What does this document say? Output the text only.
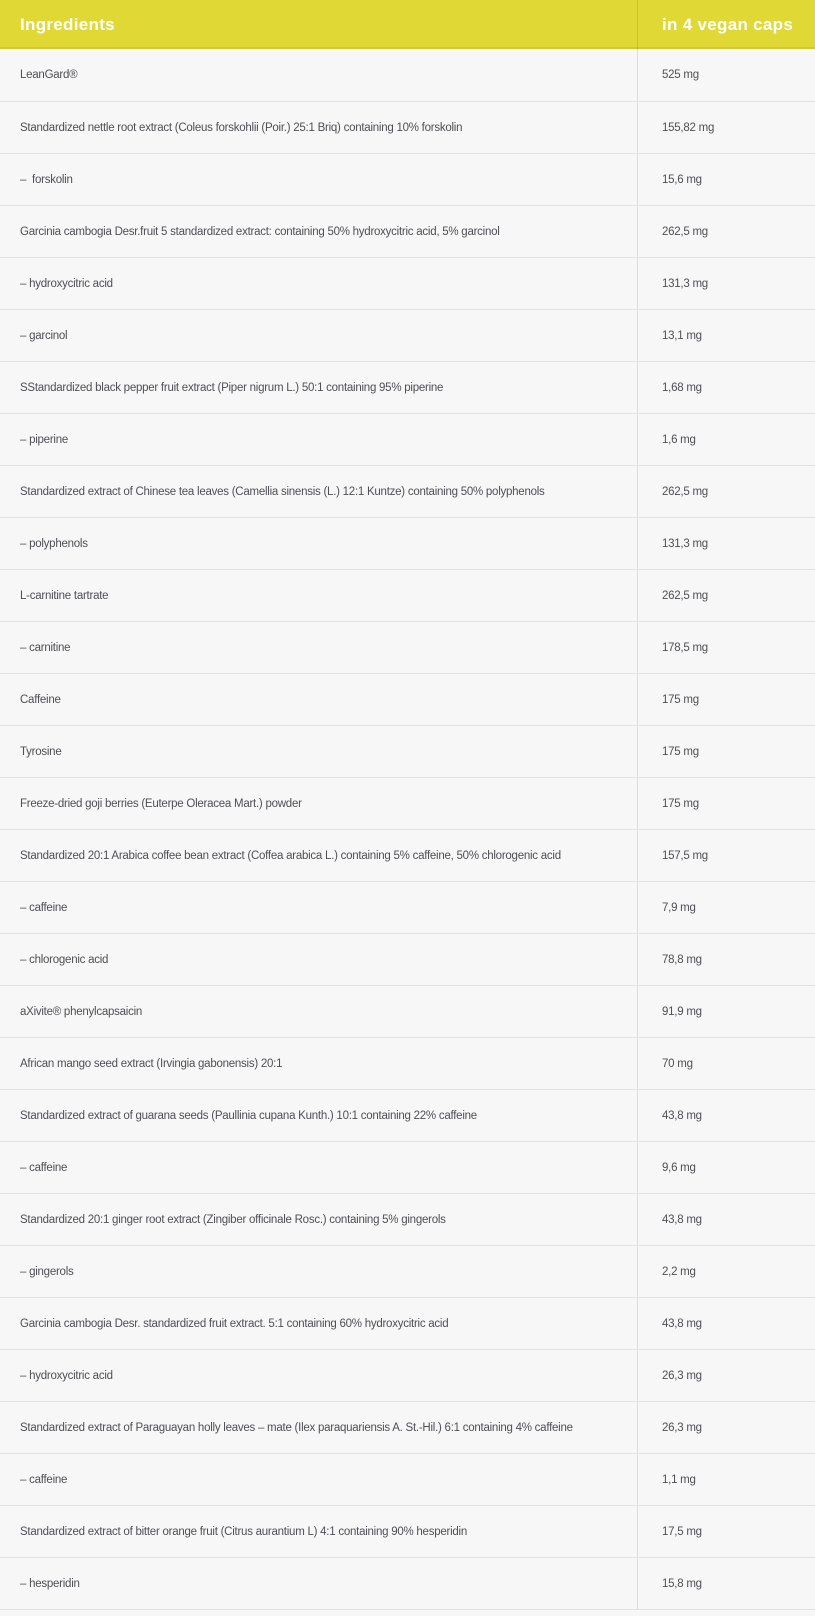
Ingredients	in 4 vegan caps
LeanGard®	525 mg
Standardized nettle root extract (Coleus forskohlii (Poir.) 25:1 Briq) containing 10% forskolin	155,82 mg
–  forskolin	15,6 mg
Garcinia cambogia Desr.fruit 5 standardized extract: containing 50% hydroxycitric acid, 5% garcinol	262,5 mg
– hydroxycitric acid	131,3 mg
– garcinol	13,1 mg
SStandardized black pepper fruit extract (Piper nigrum L.) 50:1 containing 95% piperine	1,68 mg
– piperine	1,6 mg
Standardized extract of Chinese tea leaves (Camellia sinensis (L.) 12:1 Kuntze) containing 50% polyphenols	262,5 mg
– polyphenols	131,3 mg
L-carnitine tartrate	262,5 mg
– carnitine	178,5 mg
Caffeine	175 mg
Tyrosine	175 mg
Freeze-dried goji berries (Euterpe Oleracea Mart.) powder	175 mg
Standardized 20:1 Arabica coffee bean extract (Coffea arabica L.) containing 5% caffeine, 50% chlorogenic acid	157,5 mg
– caffeine	7,9 mg
– chlorogenic acid	78,8 mg
aXivite® phenylcapsaicin	91,9 mg
African mango seed extract (Irvingia gabonensis) 20:1	70 mg
Standardized extract of guarana seeds (Paullinia cupana Kunth.) 10:1 containing 22% caffeine	43,8 mg
– caffeine	9,6 mg
Standardized 20:1 ginger root extract (Zingiber officinale Rosc.) containing 5% gingerols	43,8 mg
– gingerols	2,2 mg
Garcinia cambogia Desr. standardized fruit extract. 5:1 containing 60% hydroxycitric acid	43,8 mg
– hydroxycitric acid	26,3 mg
Standardized extract of Paraguayan holly leaves – mate (Ilex paraquariensis A. St.-Hil.) 6:1 containing 4% caffeine	26,3 mg
– caffeine	1,1 mg
Standardized extract of bitter orange fruit (Citrus aurantium L) 4:1 containing 90% hesperidin	17,5 mg
– hesperidin	15,8 mg
